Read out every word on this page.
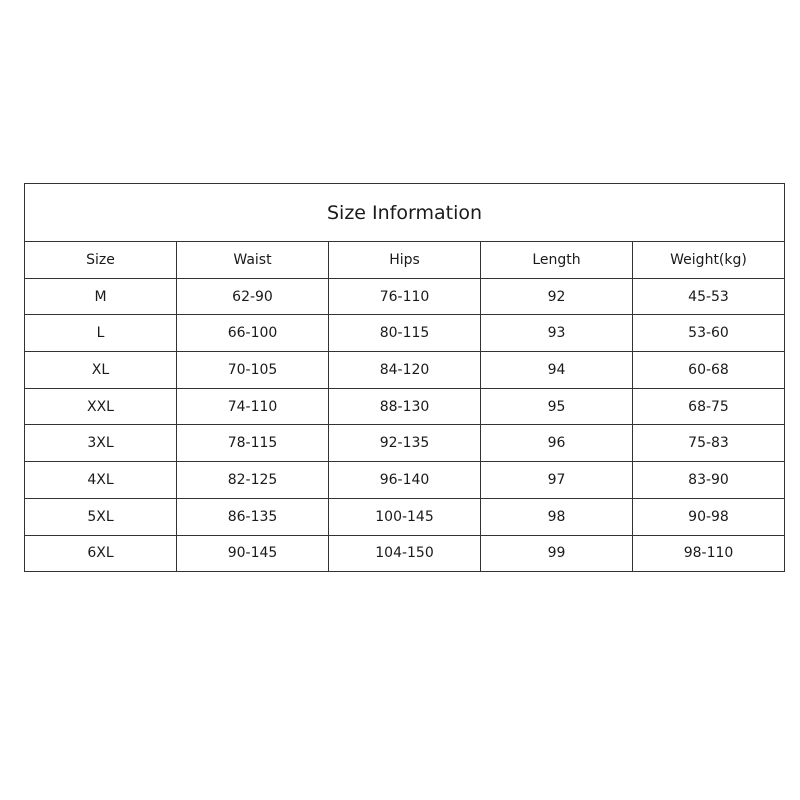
Size Information				
Size	Waist	Hips	Length	Weight(kg)
M	62-90	76-110	92	45-53
L	66-100	80-115	93	53-60
XL	70-105	84-120	94	60-68
XXL	74-110	88-130	95	68-75
3XL	78-115	92-135	96	75-83
4XL	82-125	96-140	97	83-90
5XL	86-135	100-145	98	90-98
6XL	90-145	104-150	99	98-110
